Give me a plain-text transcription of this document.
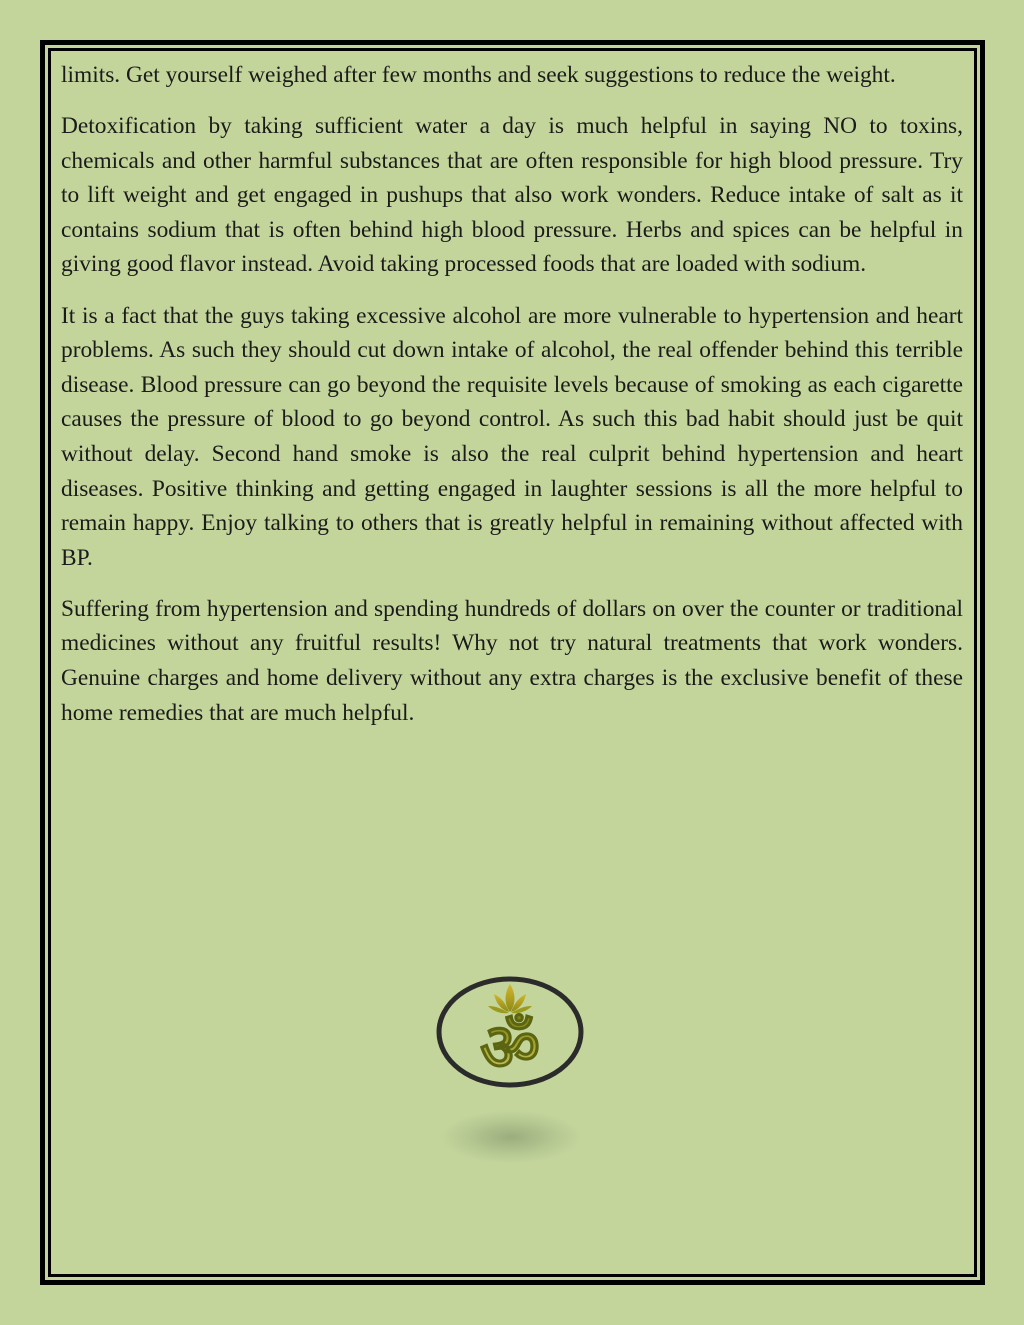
limits. Get yourself weighed after few months and seek suggestions to reduce the weight.

Detoxification by taking sufficient water a day is much helpful in saying NO to toxins, chemicals and other harmful substances that are often responsible for high blood pressure. Try to lift weight and get engaged in pushups that also work wonders. Reduce intake of salt as it contains sodium that is often behind high blood pressure. Herbs and spices can be helpful in giving good flavor instead. Avoid taking processed foods that are loaded with sodium.

It is a fact that the guys taking excessive alcohol are more vulnerable to hypertension and heart problems. As such they should cut down intake of alcohol, the real offender behind this terrible disease. Blood pressure can go beyond the requisite levels because of smoking as each cigarette causes the pressure of blood to go beyond control. As such this bad habit should just be quit without delay. Second hand smoke is also the real culprit behind hypertension and heart diseases. Positive thinking and getting engaged in laughter sessions is all the more helpful to remain happy. Enjoy talking to others that is greatly helpful in remaining without affected with BP.

Suffering from hypertension and spending hundreds of dollars on over the counter or traditional medicines without any fruitful results! Why not try natural treatments that work wonders. Genuine charges and home delivery without any extra charges is the exclusive benefit of these home remedies that are much helpful.

ॐ
